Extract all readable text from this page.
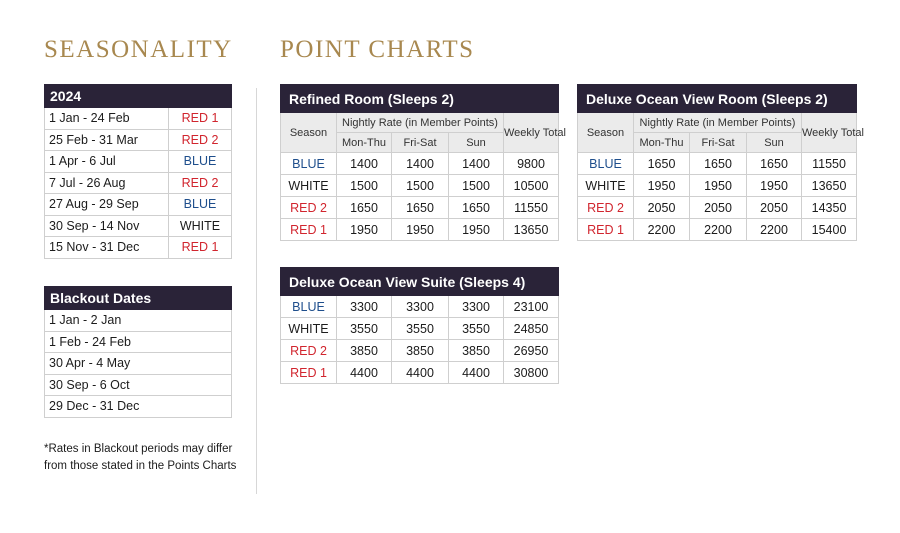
SEASONALITY POINT CHARTS
2024	
1 Jan - 24 Feb	RED 1
25 Feb - 31 Mar	RED 2
1 Apr - 6 Jul	BLUE
7 Jul - 26 Aug	RED 2
27 Aug - 29 Sep	BLUE
30 Sep - 14 Nov	WHITE
15 Nov - 31 Dec	RED 1
Blackout Dates
1 Jan - 2 Jan
1 Feb - 24 Feb
30 Apr - 4 May
30 Sep - 6 Oct
29 Dec - 31 Dec
*Rates in Blackout periods may differ from those stated in the Points Charts
Refined Room (Sleeps 2)				
Season	Nightly Rate (in Member Points)			Weekly Total
	Mon-Thu	Fri-Sat	Sun	
BLUE	1400	1400	1400	9800
WHITE	1500	1500	1500	10500
RED 2	1650	1650	1650	11550
RED 1	1950	1950	1950	13650
Deluxe Ocean View Room (Sleeps 2)				
Season	Nightly Rate (in Member Points)			Weekly Total
	Mon-Thu	Fri-Sat	Sun	
BLUE	1650	1650	1650	11550
WHITE	1950	1950	1950	13650
RED 2	2050	2050	2050	14350
RED 1	2200	2200	2200	15400
Deluxe Ocean View Suite (Sleeps 4)				
BLUE	3300	3300	3300	23100
WHITE	3550	3550	3550	24850
RED 2	3850	3850	3850	26950
RED 1	4400	4400	4400	30800
